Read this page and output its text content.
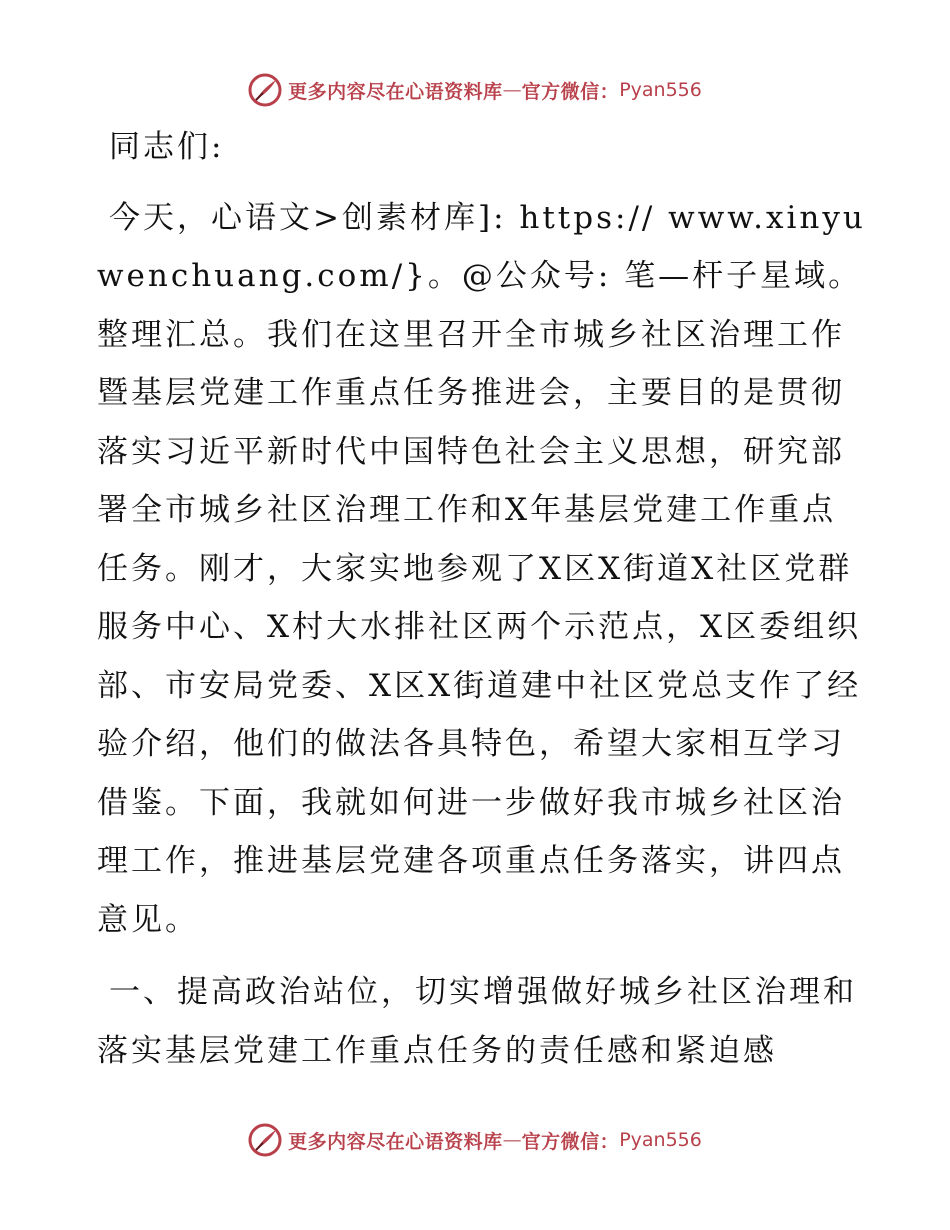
更多内容尽在心语资料库 — 官方微信： Pyan556

同志们:

今天，心语文>创素材库]: https:// www.xinyuwenchuang.com/}。@公众号: 笔—杆子星域。整理汇总。我们在这里召开全市城乡社区治理工作暨基层党建工作重点任务推进会，主要目的是贯彻落实习近平新时代中国特色社会主义思想，研究部署全市城乡社区治理工作和X年基层党建工作重点任务。刚才，大家实地参观了X区X街道X社区党群服务中心、X村大水排社区两个示范点，X区委组织部、市安局党委、X区X街道建中社区党总支作了经验介绍，他们的做法各具特色，希望大家相互学习借鉴。下面，我就如何进一步做好我市城乡社区治理工作，推进基层党建各项重点任务落实，讲四点意见。

一、提高政治站位，切实增强做好城乡社区治理和落实基层党建工作重点任务的责任感和紧迫感

更多内容尽在心语资料库 — 官方微信： Pyan556
